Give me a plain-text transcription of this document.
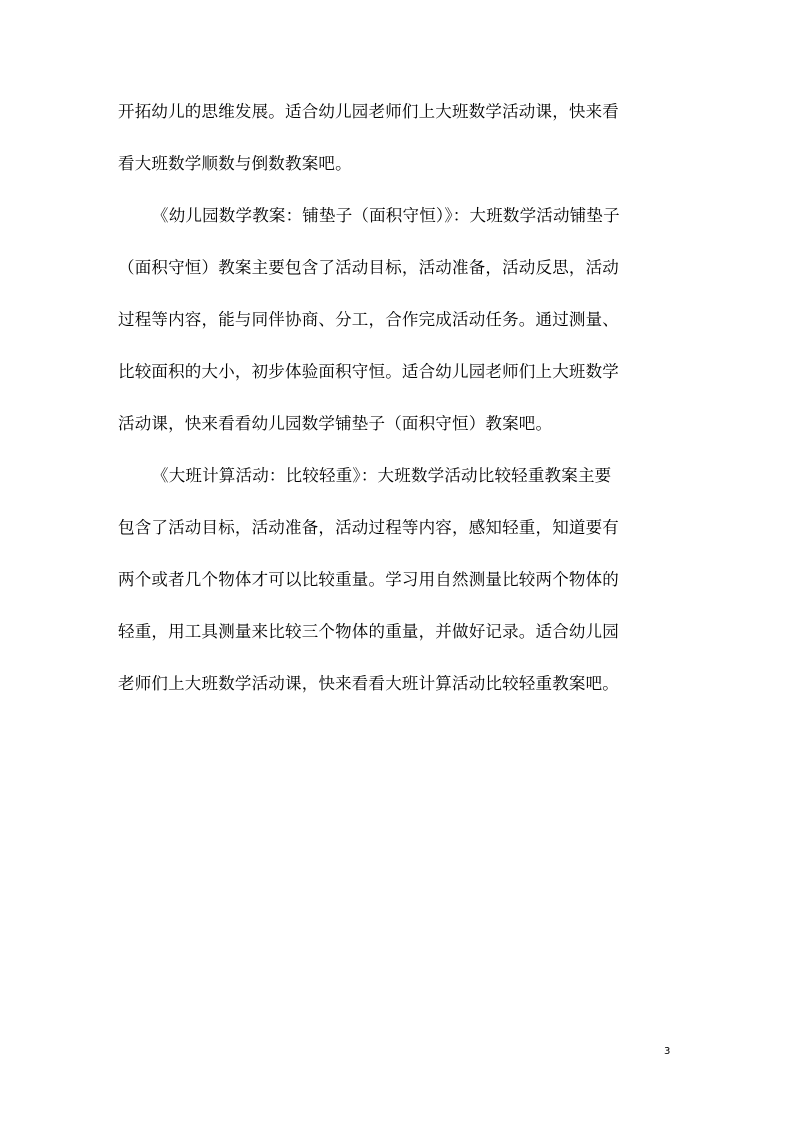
开拓幼儿的思维发展。适合幼儿园老师们上大班数学活动课，快来看
看大班数学顺数与倒数教案吧。
《幼儿园数学教案：铺垫子（面积守恒）》：大班数学活动铺垫子
（面积守恒）教案主要包含了活动目标，活动准备，活动反思，活动
过程等内容，能与同伴协商、分工，合作完成活动任务。通过测量、
比较面积的大小，初步体验面积守恒。适合幼儿园老师们上大班数学
活动课，快来看看幼儿园数学铺垫子（面积守恒）教案吧。
《大班计算活动：比较轻重》：大班数学活动比较轻重教案主要
包含了活动目标，活动准备，活动过程等内容，感知轻重，知道要有
两个或者几个物体才可以比较重量。学习用自然测量比较两个物体的
轻重，用工具测量来比较三个物体的重量，并做好记录。适合幼儿园
老师们上大班数学活动课，快来看看大班计算活动比较轻重教案吧。
3
